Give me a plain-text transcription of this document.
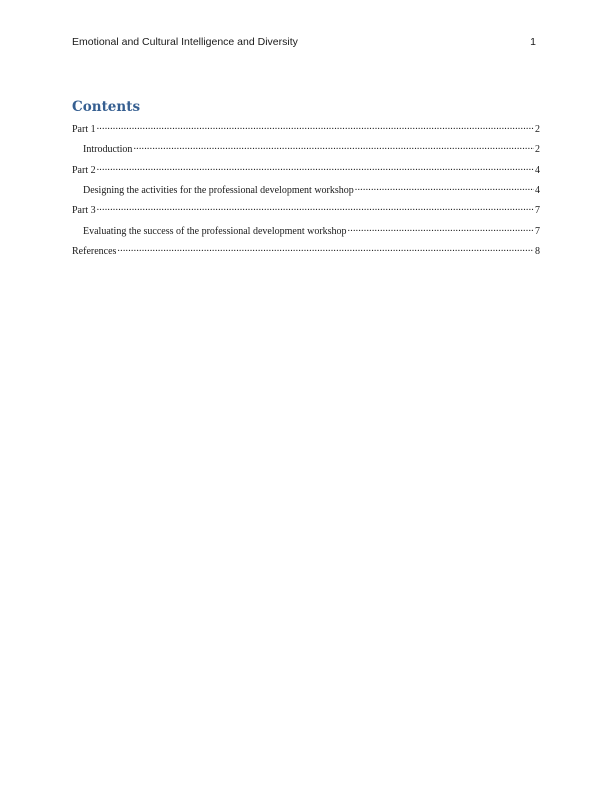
Emotional and Cultural Intelligence and Diversity	1
Contents
Part 1 .....	2
Introduction .....	2
Part 2 .....	4
Designing the activities for the professional development workshop .....	4
Part 3 .....	7
Evaluating the success of the professional development workshop .....	7
References .....	8
